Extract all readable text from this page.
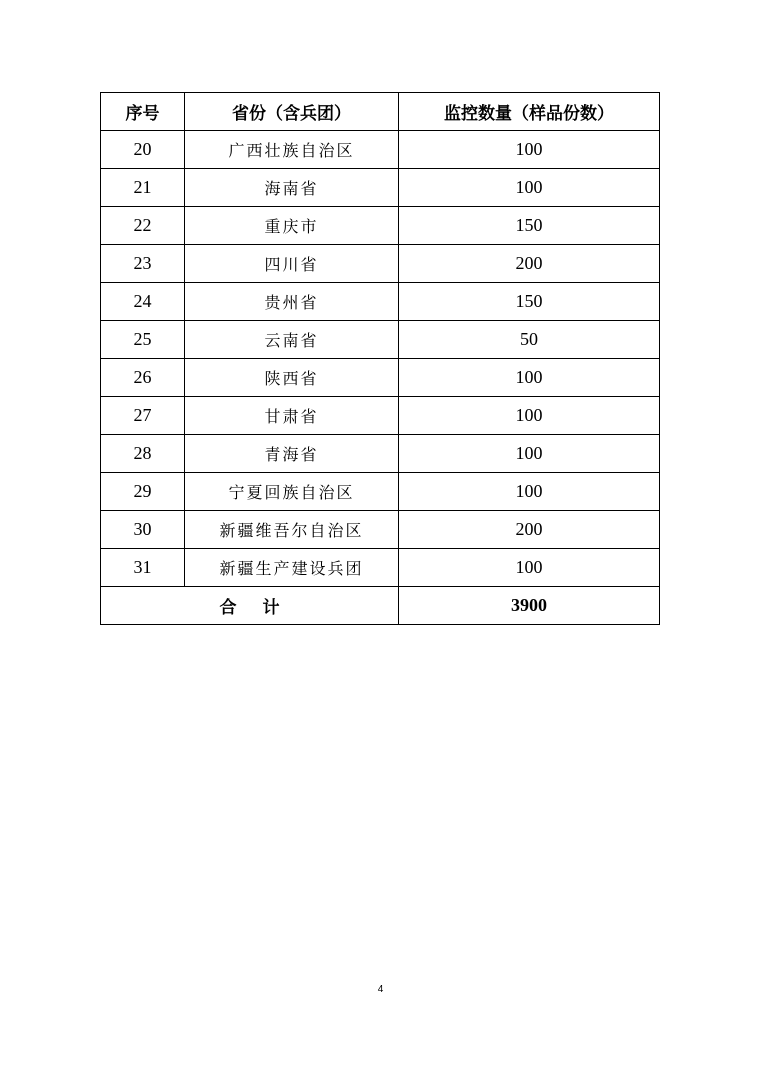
序号	省份（含兵团）	监控数量（样品份数）
20	广西壮族自治区	100
21	海南省	100
22	重庆市	150
23	四川省	200
24	贵州省	150
25	云南省	50
26	陕西省	100
27	甘肃省	100
28	青海省	100
29	宁夏回族自治区	100
30	新疆维吾尔自治区	200
31	新疆生产建设兵团	100
合计		3900
4
